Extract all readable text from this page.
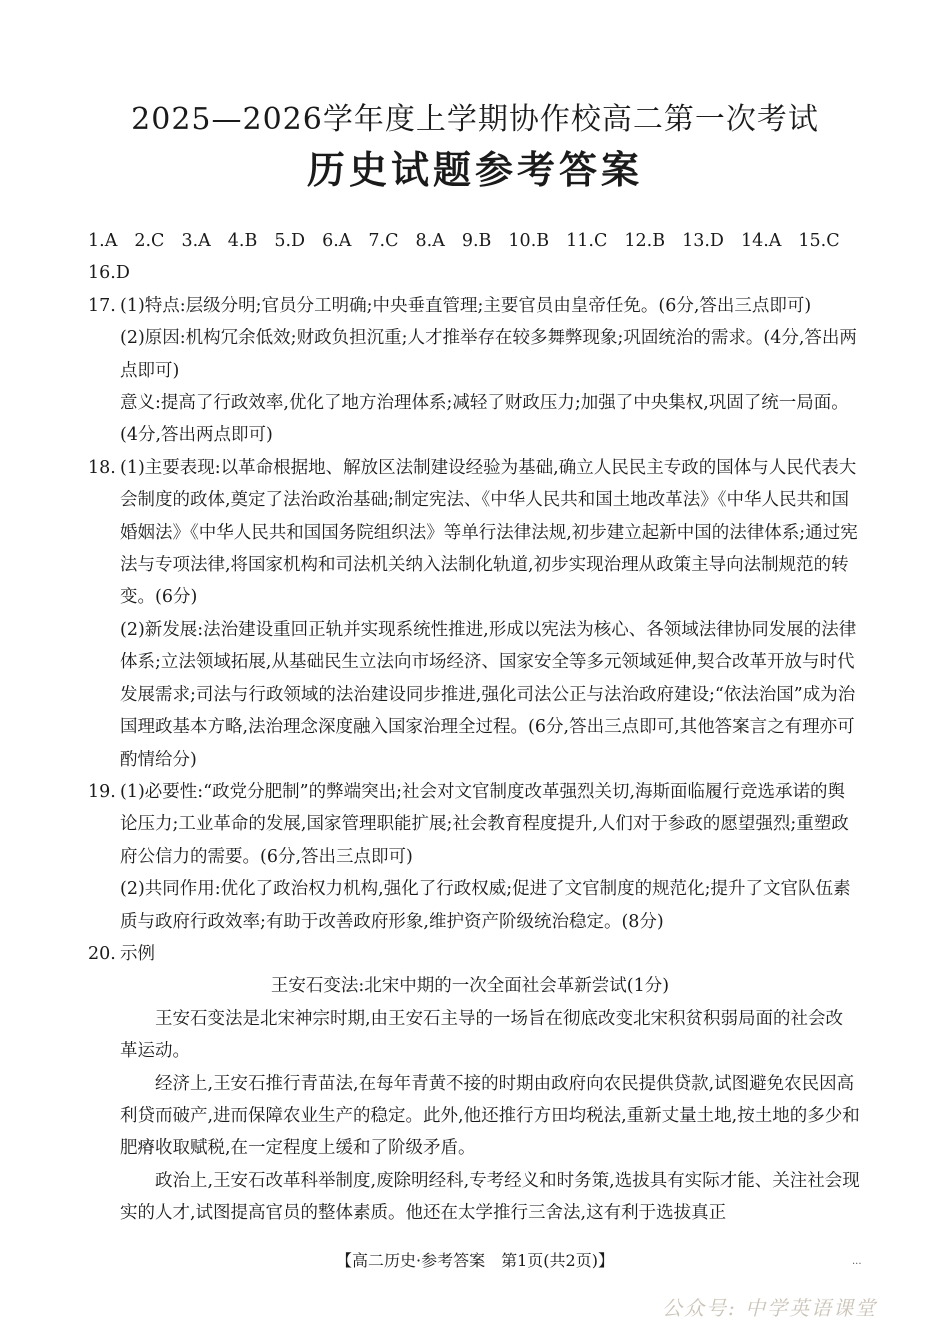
2025—2026学年度上学期协作校高二第一次考试
历史试题参考答案
1.A 2.C 3.A 4.B 5.D 6.A 7.C 8.A 9.B 10.B 11.C 12.B 13.D 14.A 15.C
16.D
17. (1)特点:层级分明;官员分工明确;中央垂直管理;主要官员由皇帝任免。(6分,答出三点即可)

(2)原因:机构冗余低效;财政负担沉重;人才推举存在较多舞弊现象;巩固统治的需求。(4分,答出两点即可)

意义:提高了行政效率,优化了地方治理体系;减轻了财政压力;加强了中央集权,巩固了统一局面。(4分,答出两点即可)

18. (1)主要表现:以革命根据地、解放区法制建设经验为基础,确立人民民主专政的国体与人民代表大会制度的政体,奠定了法治政治基础;制定宪法、《中华人民共和国土地改革法》《中华人民共和国婚姻法》《中华人民共和国国务院组织法》等单行法律法规,初步建立起新中国的法律体系;通过宪法与专项法律,将国家机构和司法机关纳入法制化轨道,初步实现治理从政策主导向法制规范的转变。(6分)

(2)新发展:法治建设重回正轨并实现系统性推进,形成以宪法为核心、各领域法律协同发展的法律体系;立法领域拓展,从基础民生立法向市场经济、国家安全等多元领域延伸,契合改革开放与时代发展需求;司法与行政领域的法治建设同步推进,强化司法公正与法治政府建设;“依法治国”成为治国理政基本方略,法治理念深度融入国家治理全过程。(6分,答出三点即可,其他答案言之有理亦可酌情给分)

19. (1)必要性:“政党分肥制”的弊端突出;社会对文官制度改革强烈关切,海斯面临履行竞选承诺的舆论压力;工业革命的发展,国家管理职能扩展;社会教育程度提升,人们对于参政的愿望强烈;重塑政府公信力的需要。(6分,答出三点即可)

(2)共同作用:优化了政治权力机构,强化了行政权威;促进了文官制度的规范化;提升了文官队伍素质与政府行政效率;有助于改善政府形象,维护资产阶级统治稳定。(8分)

20. 示例

王安石变法:北宋中期的一次全面社会革新尝试(1分)

王安石变法是北宋神宗时期,由王安石主导的一场旨在彻底改变北宋积贫积弱局面的社会改革运动。

经济上,王安石推行青苗法,在每年青黄不接的时期由政府向农民提供贷款,试图避免农民因高利贷而破产,进而保障农业生产的稳定。此外,他还推行方田均税法,重新丈量土地,按土地的多少和肥瘠收取赋税,在一定程度上缓和了阶级矛盾。

政治上,王安石改革科举制度,废除明经科,专考经义和时务策,选拔具有实际才能、关注社会现实的人才,试图提高官员的整体素质。他还在太学推行三舍法,这有利于选拔真正

【高二历史·参考答案　第1页(共2页)】	...
公众号: 中学英语课堂
